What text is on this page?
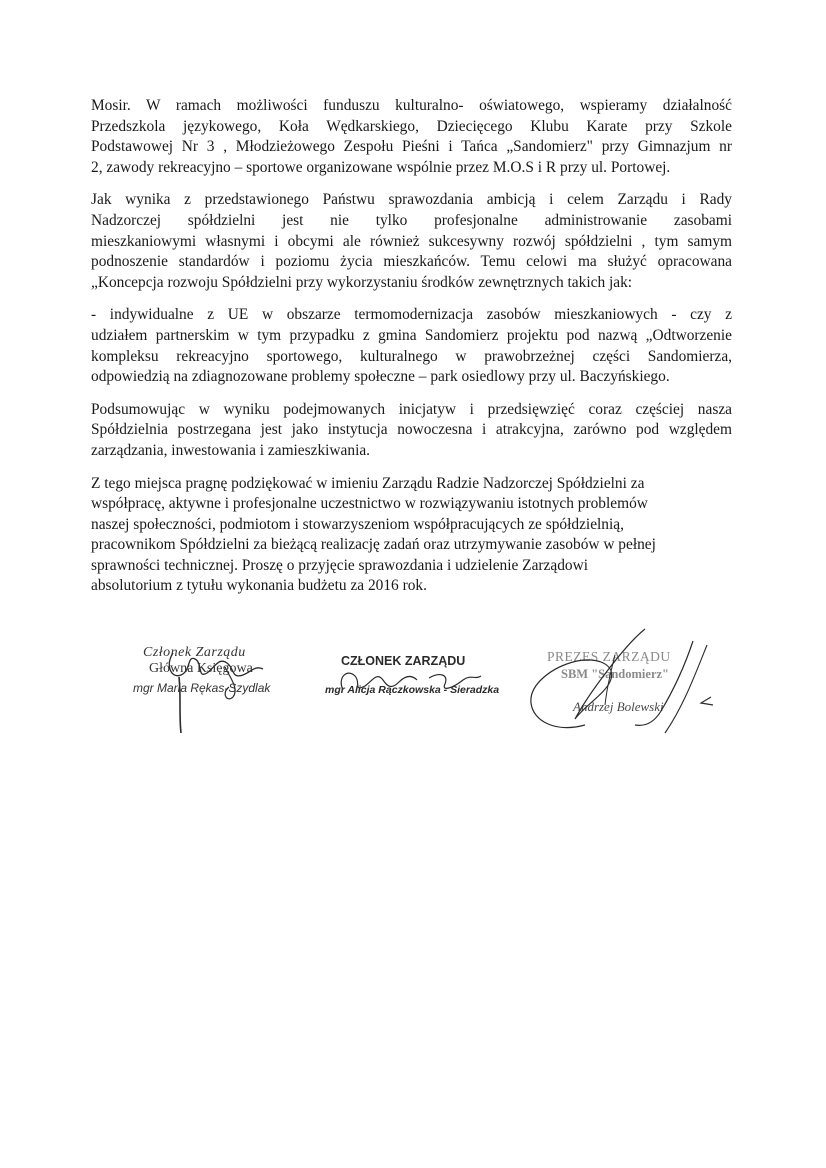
Mosir. W ramach możliwości funduszu kulturalno- oświatowego, wspieramy działalność
Przedszkola językowego, Koła Wędkarskiego, Dziecięcego Klubu Karate przy Szkole
Podstawowej Nr 3 , Młodzieżowego Zespołu Pieśni i Tańca „Sandomierz" przy Gimnazjum nr
2, zawody rekreacyjno – sportowe organizowane wspólnie przez M.O.S i R przy ul. Portowej.

Jak wynika z przedstawionego Państwu sprawozdania ambicją i celem Zarządu i Rady
Nadzorczej spółdzielni jest nie tylko profesjonalne administrowanie zasobami
mieszkaniowymi własnymi i obcymi ale również sukcesywny rozwój spółdzielni , tym samym
podnoszenie standardów i poziomu życia mieszkańców. Temu celowi ma służyć opracowana
„Koncepcja rozwoju Spółdzielni przy wykorzystaniu środków zewnętrznych takich jak:

- indywidualne z UE w obszarze termomodernizacja zasobów mieszkaniowych - czy z
udziałem partnerskim w tym przypadku z gmina Sandomierz projektu pod nazwą „Odtworzenie
kompleksu rekreacyjno sportowego, kulturalnego w prawobrzeżnej części Sandomierza,
odpowiedzią na zdiagnozowane problemy społeczne – park osiedlowy przy ul. Baczyńskiego.

Podsumowując w wyniku podejmowanych inicjatyw i przedsięwzięć coraz częściej nasza
Spółdzielnia postrzegana jest jako instytucja nowoczesna i atrakcyjna, zarówno pod względem
zarządzania, inwestowania i zamieszkiwania.

Z tego miejsca pragnę podziękować w imieniu Zarządu Radzie Nadzorczej Spółdzielni za
współpracę, aktywne i profesjonalne uczestnictwo w rozwiązywaniu istotnych problemów
naszej społeczności, podmiotom i stowarzyszeniom współpracujących ze spółdzielnią,
pracownikom Spółdzielni za bieżącą realizację zadań oraz utrzymywanie zasobów w pełnej
sprawności technicznej. Proszę o przyjęcie sprawozdania i udzielenie Zarządowi
absolutorium z tytułu wykonania budżetu za 2016 rok.

Członek Zarządu
Główna Księgowa
mgr Maria Rękas-Szydlak
CZŁONEK ZARZĄDU
mgr Alicja Rączkowska - Sieradzka
PREZES ZARZĄDU
SBM "Sandomierz"
Andrzej Bolewski
